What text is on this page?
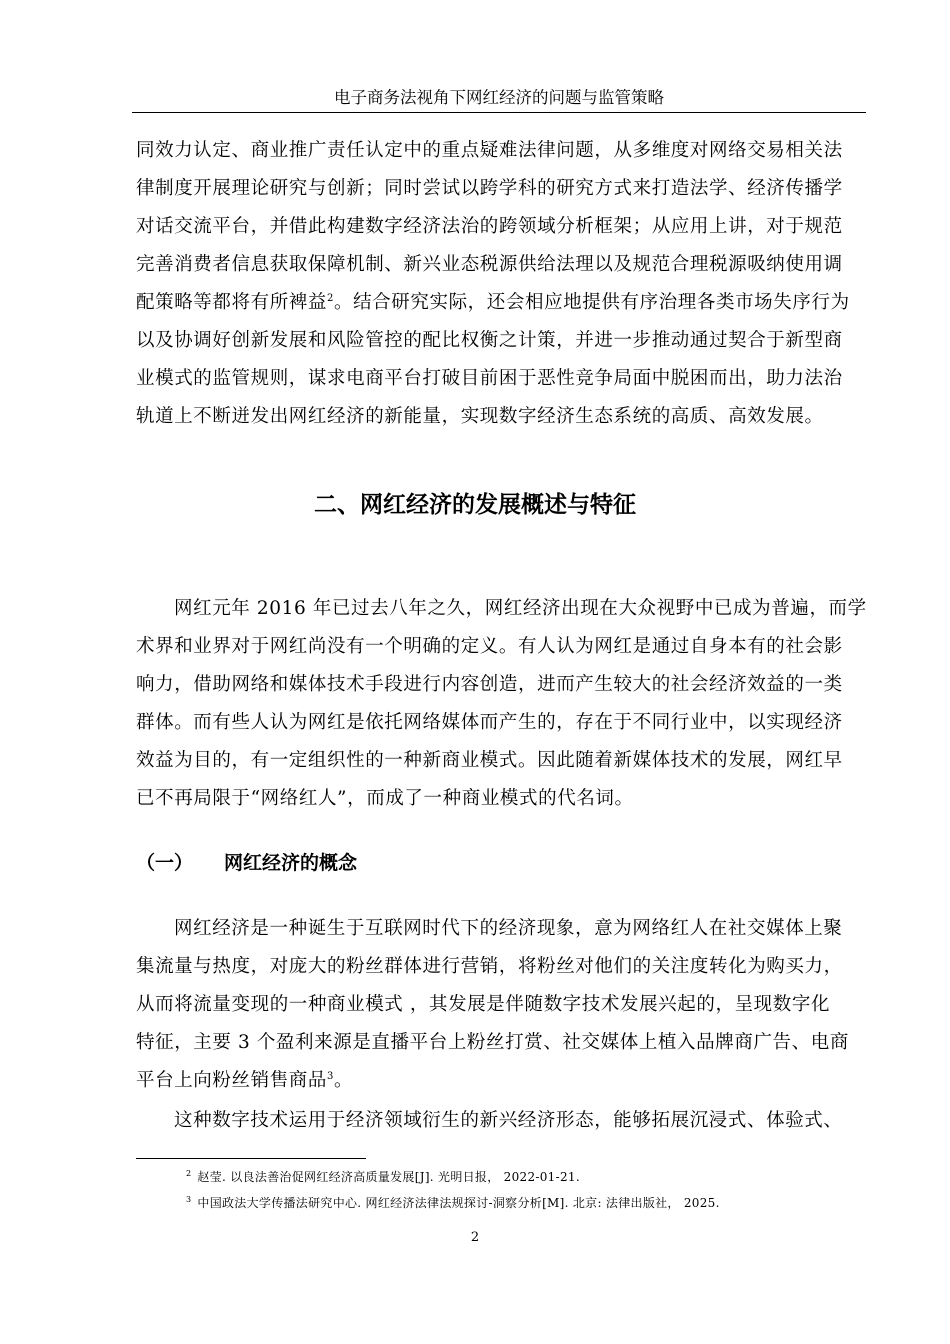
电子商务法视角下网红经济的问题与监管策略
同效力认定、商业推广责任认定中的重点疑难法律问题，从多维度对网络交易相关法
律制度开展理论研究与创新；同时尝试以跨学科的研究方式来打造法学、经济传播学
对话交流平台，并借此构建数字经济法治的跨领域分析框架；从应用上讲，对于规范
完善消费者信息获取保障机制、新兴业态税源供给法理以及规范合理税源吸纳使用调
配策略等都将有所裨益$^2$。结合研究实际，还会相应地提供有序治理各类市场失序行为
以及协调好创新发展和风险管控的配比权衡之计策，并进一步推动通过契合于新型商
业模式的监管规则，谋求电商平台打破目前困于恶性竞争局面中脱困而出，助力法治
轨道上不断迸发出网红经济的新能量，实现数字经济生态系统的高质、高效发展。
二、网红经济的发展概述与特征
网红元年 2016 年已过去八年之久，网红经济出现在大众视野中已成为普遍，而学
术界和业界对于网红尚没有一个明确的定义。有人认为网红是通过自身本有的社会影
响力，借助网络和媒体技术手段进行内容创造，进而产生较大的社会经济效益的一类
群体。而有些人认为网红是依托网络媒体而产生的，存在于不同行业中，以实现经济
效益为目的，有一定组织性的一种新商业模式。因此随着新媒体技术的发展，网红早
已不再局限于“网络红人”，而成了一种商业模式的代名词。
（一） 网红经济的概念
网红经济是一种诞生于互联网时代下的经济现象，意为网络红人在社交媒体上聚
集流量与热度，对庞大的粉丝群体进行营销，将粉丝对他们的关注度转化为购买力，
从而将流量变现的一种商业模式 ，其发展是伴随数字技术发展兴起的，呈现数字化
特征，主要 3 个盈利来源是直播平台上粉丝打赏、社交媒体上植入品牌商广告、电商
平台上向粉丝销售商品$^3$。
这种数字技术运用于经济领域衍生的新兴经济形态，能够拓展沉浸式、体验式、
$^2$ 赵莹. 以良法善治促网红经济高质量发展[J]. 光明日报， 2022-01-21.
$^3$ 中国政法大学传播法研究中心. 网红经济法律法规探讨-洞察分析[M]. 北京: 法律出版社， 2025.
2
